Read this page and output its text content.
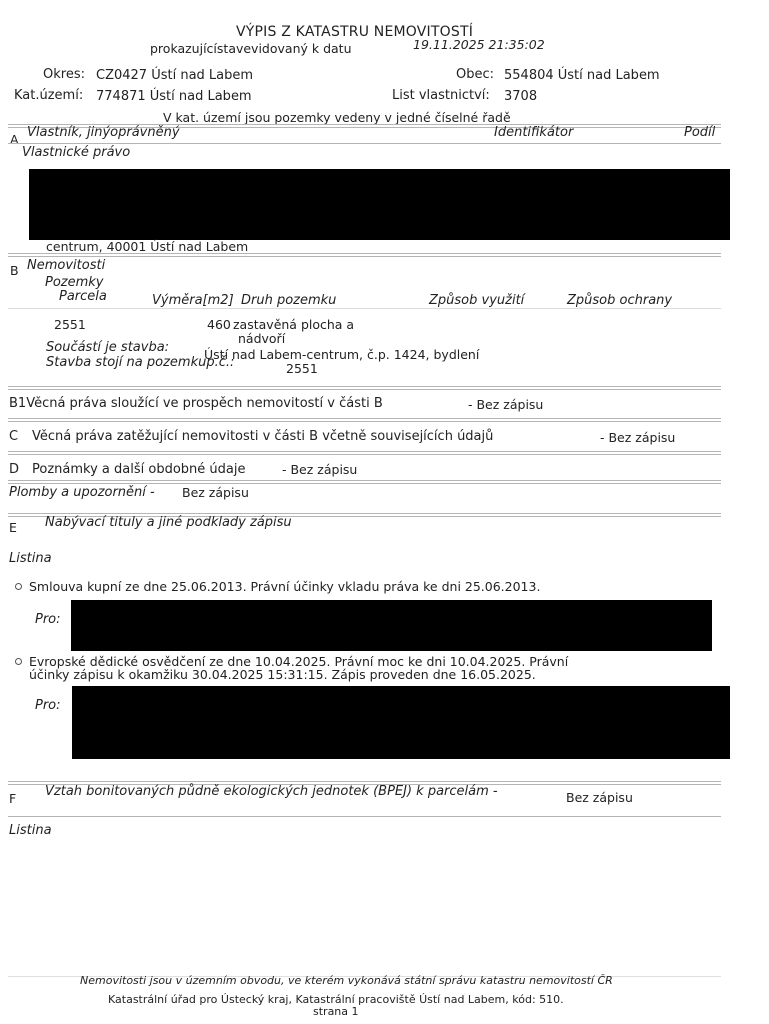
VÝPIS Z KATASTRU NEMOVITOSTÍ
prokazujícístavevidovaný k datu	19.11.2025 21:35:02
Okres: CZ0427 Ústí nad Labem	Obec: 554804 Ústí nad Labem
Kat.území: 774871 Ústí nad Labem	List vlastnictví: 3708
V kat. území jsou pozemky vedeny v jedné číselné řadě
A Vlastník, jinýoprávněný	Identifikátor	Podíl
Vlastnické právo
centrum, 40001 Ústí nad Labem
B Nemovitosti
Pozemky
Parcela	Výměra[m2] Druh pozemku	Způsob využití	Způsob ochrany
2551	460 zastavěná plocha a
nádvoří
Součástí je stavba:	Ústí nad Labem-centrum, č.p. 1424, bydlení
Stavba stojí na pozemkup.č.:	2551
B1Věcná práva sloužící ve prospěch nemovitostí v části B	- Bez zápisu
C Věcná práva zatěžující nemovitosti v části B včetně souvisejících údajů	- Bez zápisu
D Poznámky a další obdobné údaje	- Bez zápisu
Plomby a upozornění - Bez zápisu
E Nabývací tituly a jiné podklady zápisu
Listina
Smlouva kupní ze dne 25.06.2013. Právní účinky vkladu práva ke dni 25.06.2013.
Pro:
Evropské dědické osvědčení ze dne 10.04.2025. Právní moc ke dni 10.04.2025. Právní
účinky zápisu k okamžiku 30.04.2025 15:31:15. Zápis proveden dne 16.05.2025.
Pro:
F Vztah bonitovaných půdně ekologických jednotek (BPEJ) k parcelám -	Bez zápisu
Listina
Nemovitosti jsou v územním obvodu, ve kterém vykonává státní správu katastru nemovitostí ČR
Katastrální úřad pro Ústecký kraj, Katastrální pracoviště Ústí nad Labem, kód: 510.
strana 1
